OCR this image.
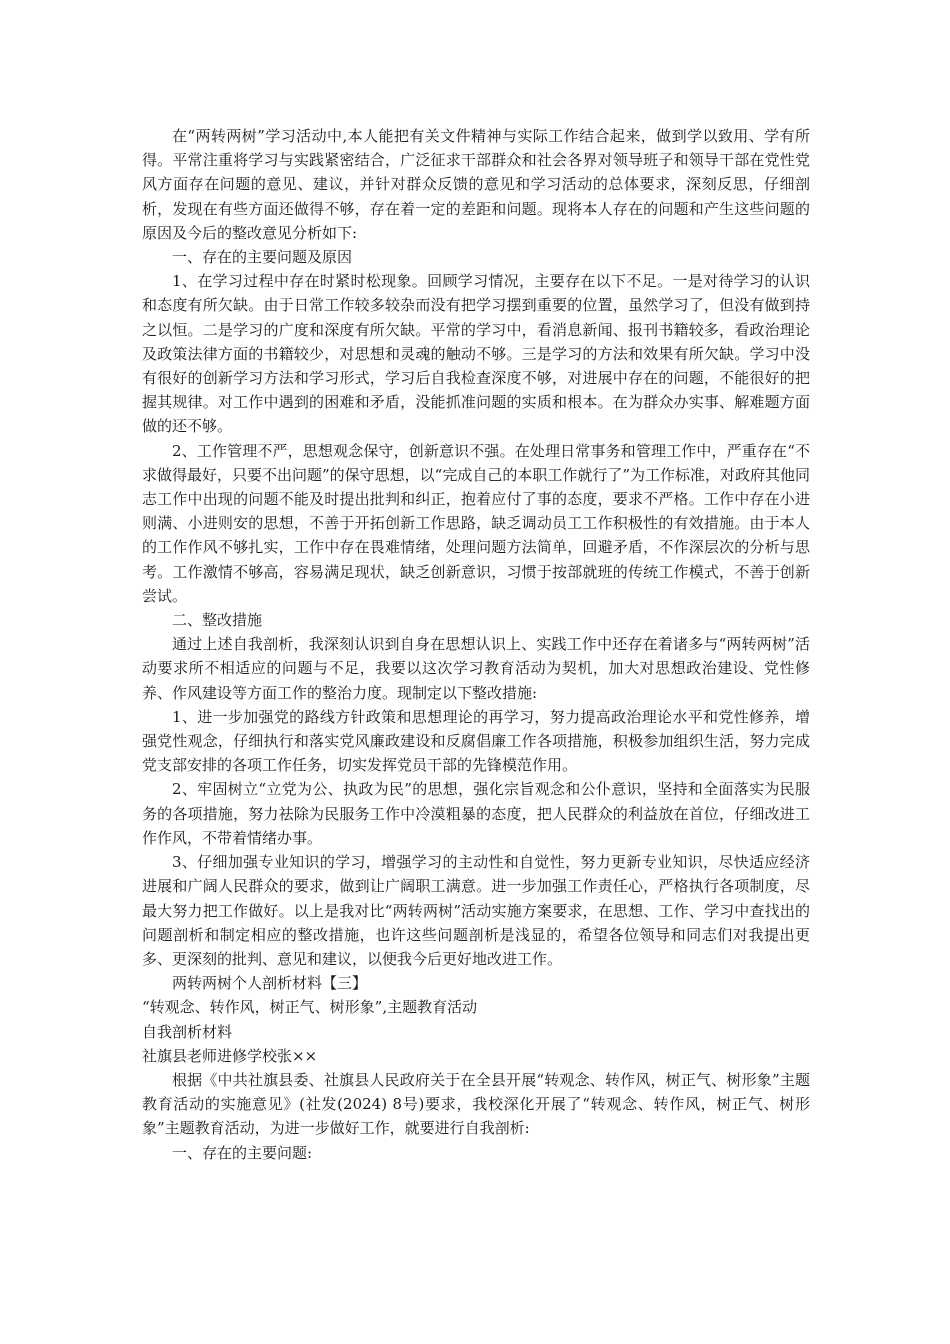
在“两转两树”学习活动中,本人能把有关文件精神与实际工作结合起来，做到学以致用、学有所得。平常注重将学习与实践紧密结合，广泛征求干部群众和社会各界对领导班子和领导干部在党性党风方面存在问题的意见、建议，并针对群众反馈的意见和学习活动的总体要求，深刻反思，仔细剖析，发现在有些方面还做得不够，存在着一定的差距和问题。现将本人存在的问题和产生这些问题的原因及今后的整改意见分析如下:

一、存在的主要问题及原因

1、在学习过程中存在时紧时松现象。回顾学习情况，主要存在以下不足。一是对待学习的认识和态度有所欠缺。由于日常工作较多较杂而没有把学习摆到重要的位置，虽然学习了，但没有做到持之以恒。二是学习的广度和深度有所欠缺。平常的学习中，看消息新闻、报刊书籍较多，看政治理论及政策法律方面的书籍较少，对思想和灵魂的触动不够。三是学习的方法和效果有所欠缺。学习中没有很好的创新学习方法和学习形式，学习后自我检查深度不够，对进展中存在的问题，不能很好的把握其规律。对工作中遇到的困难和矛盾，没能抓准问题的实质和根本。在为群众办实事、解难题方面做的还不够。

2、工作管理不严，思想观念保守，创新意识不强。在处理日常事务和管理工作中，严重存在“不求做得最好，只要不出问题”的保守思想，以“完成自己的本职工作就行了”为工作标准，对政府其他同志工作中出现的问题不能及时提出批判和纠正，抱着应付了事的态度，要求不严格。工作中存在小进则满、小进则安的思想，不善于开拓创新工作思路，缺乏调动员工工作积极性的有效措施。由于本人的工作作风不够扎实，工作中存在畏难情绪，处理问题方法简单，回避矛盾，不作深层次的分析与思考。工作激情不够高，容易满足现状，缺乏创新意识，习惯于按部就班的传统工作模式，不善于创新尝试。

二、整改措施

通过上述自我剖析，我深刻认识到自身在思想认识上、实践工作中还存在着诸多与“两转两树”活动要求所不相适应的问题与不足，我要以这次学习教育活动为契机，加大对思想政治建设、党性修养、作风建设等方面工作的整治力度。现制定以下整改措施:

1、进一步加强党的路线方针政策和思想理论的再学习，努力提高政治理论水平和党性修养，增强党性观念，仔细执行和落实党风廉政建设和反腐倡廉工作各项措施，积极参加组织生活，努力完成党支部安排的各项工作任务，切实发挥党员干部的先锋模范作用。

2、牢固树立“立党为公、执政为民”的思想，强化宗旨观念和公仆意识，坚持和全面落实为民服务的各项措施，努力祛除为民服务工作中冷漠粗暴的态度，把人民群众的利益放在首位，仔细改进工作作风，不带着情绪办事。

3、仔细加强专业知识的学习，增强学习的主动性和自觉性，努力更新专业知识，尽快适应经济进展和广阔人民群众的要求，做到让广阔职工满意。进一步加强工作责任心，严格执行各项制度，尽最大努力把工作做好。以上是我对比“两转两树”活动实施方案要求，在思想、工作、学习中查找出的问题剖析和制定相应的整改措施，也许这些问题剖析是浅显的，希望各位领导和同志们对我提出更多、更深刻的批判、意见和建议，以便我今后更好地改进工作。

两转两树个人剖析材料【三】

“转观念、转作风，树正气、树形象”,主题教育活动

自我剖析材料

社旗县老师进修学校张××

根据《中共社旗县委、社旗县人民政府关于在全县开展“转观念、转作风，树正气、树形象”主题教育活动的实施意见》(社发(2024) 8号)要求，我校深化开展了“转观念、转作风，树正气、树形象”主题教育活动，为进一步做好工作，就要进行自我剖析:

一、存在的主要问题:
